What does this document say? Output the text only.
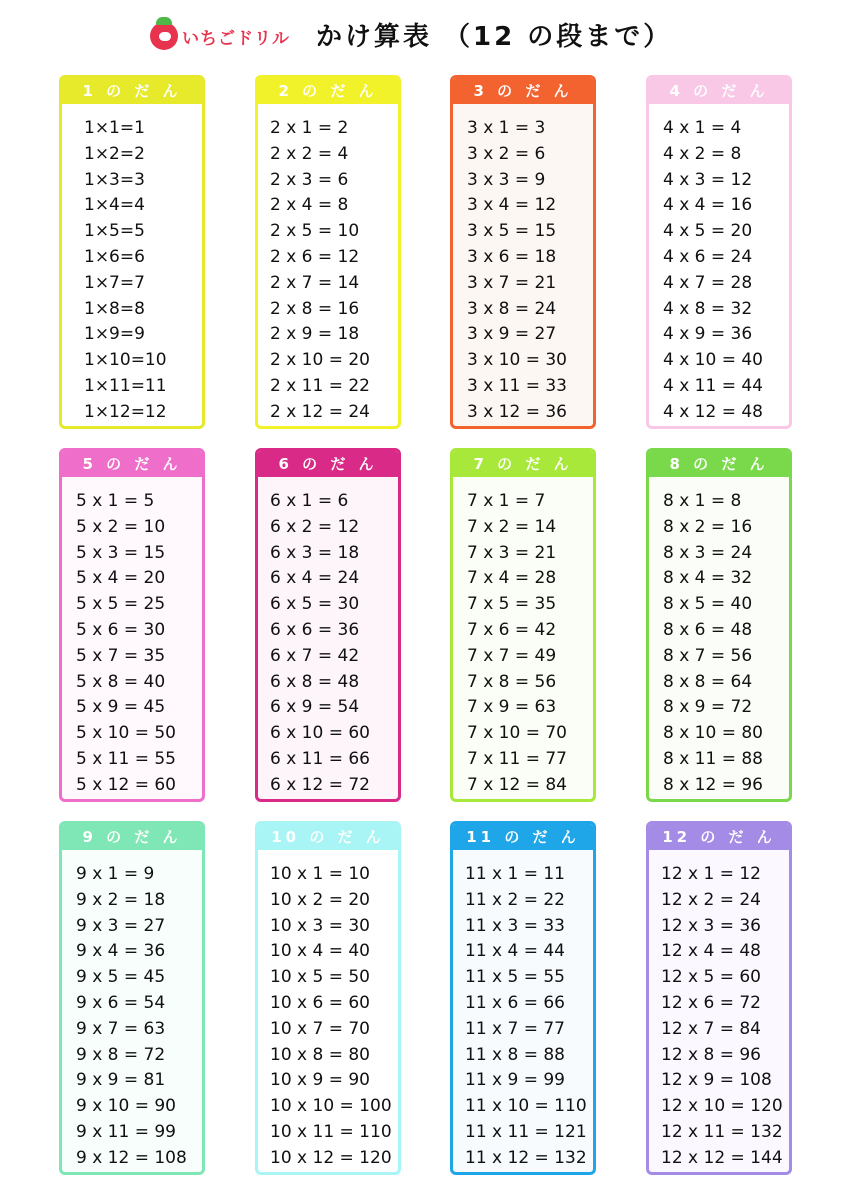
いちごドリル かけ算表 （12 の段まで）
1 の だ ん
1×1=1
1×2=2
1×3=3
1×4=4
1×5=5
1×6=6
1×7=7
1×8=8
1×9=9
1×10=10
1×11=11
1×12=12
2 の だ ん
2 x 1 = 2
2 x 2 = 4
2 x 3 = 6
2 x 4 = 8
2 x 5 = 10
2 x 6 = 12
2 x 7 = 14
2 x 8 = 16
2 x 9 = 18
2 x 10 = 20
2 x 11 = 22
2 x 12 = 24
3 の だ ん
3 x 1 = 3
3 x 2 = 6
3 x 3 = 9
3 x 4 = 12
3 x 5 = 15
3 x 6 = 18
3 x 7 = 21
3 x 8 = 24
3 x 9 = 27
3 x 10 = 30
3 x 11 = 33
3 x 12 = 36
4 の だ ん
4 x 1 = 4
4 x 2 = 8
4 x 3 = 12
4 x 4 = 16
4 x 5 = 20
4 x 6 = 24
4 x 7 = 28
4 x 8 = 32
4 x 9 = 36
4 x 10 = 40
4 x 11 = 44
4 x 12 = 48
5 の だ ん
5 x 1 = 5
5 x 2 = 10
5 x 3 = 15
5 x 4 = 20
5 x 5 = 25
5 x 6 = 30
5 x 7 = 35
5 x 8 = 40
5 x 9 = 45
5 x 10 = 50
5 x 11 = 55
5 x 12 = 60
6 の だ ん
6 x 1 = 6
6 x 2 = 12
6 x 3 = 18
6 x 4 = 24
6 x 5 = 30
6 x 6 = 36
6 x 7 = 42
6 x 8 = 48
6 x 9 = 54
6 x 10 = 60
6 x 11 = 66
6 x 12 = 72
7 の だ ん
7 x 1 = 7
7 x 2 = 14
7 x 3 = 21
7 x 4 = 28
7 x 5 = 35
7 x 6 = 42
7 x 7 = 49
7 x 8 = 56
7 x 9 = 63
7 x 10 = 70
7 x 11 = 77
7 x 12 = 84
8 の だ ん
8 x 1 = 8
8 x 2 = 16
8 x 3 = 24
8 x 4 = 32
8 x 5 = 40
8 x 6 = 48
8 x 7 = 56
8 x 8 = 64
8 x 9 = 72
8 x 10 = 80
8 x 11 = 88
8 x 12 = 96
9 の だ ん
9 x 1 = 9
9 x 2 = 18
9 x 3 = 27
9 x 4 = 36
9 x 5 = 45
9 x 6 = 54
9 x 7 = 63
9 x 8 = 72
9 x 9 = 81
9 x 10 = 90
9 x 11 = 99
9 x 12 = 108
10 の だ ん
10 x 1 = 10
10 x 2 = 20
10 x 3 = 30
10 x 4 = 40
10 x 5 = 50
10 x 6 = 60
10 x 7 = 70
10 x 8 = 80
10 x 9 = 90
10 x 10 = 100
10 x 11 = 110
10 x 12 = 120
11 の だ ん
11 x 1 = 11
11 x 2 = 22
11 x 3 = 33
11 x 4 = 44
11 x 5 = 55
11 x 6 = 66
11 x 7 = 77
11 x 8 = 88
11 x 9 = 99
11 x 10 = 110
11 x 11 = 121
11 x 12 = 132
12 の だ ん
12 x 1 = 12
12 x 2 = 24
12 x 3 = 36
12 x 4 = 48
12 x 5 = 60
12 x 6 = 72
12 x 7 = 84
12 x 8 = 96
12 x 9 = 108
12 x 10 = 120
12 x 11 = 132
12 x 12 = 144
